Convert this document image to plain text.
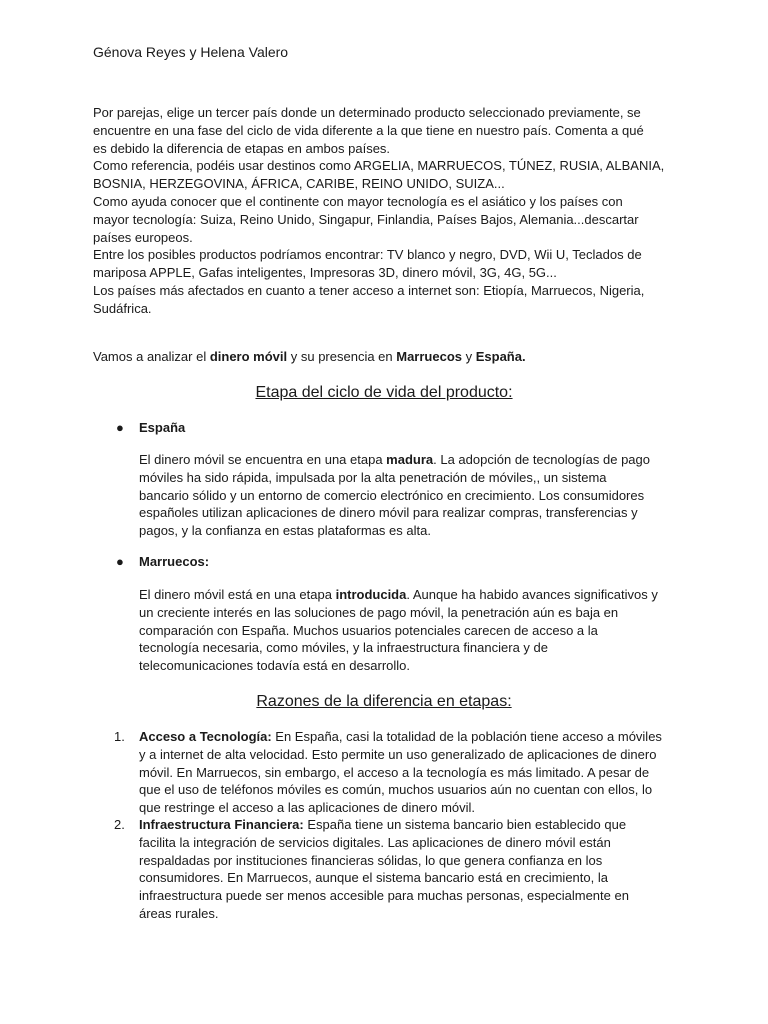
Génova Reyes y Helena Valero

Por parejas, elige un tercer país donde un determinado producto seleccionado previamente, se

encuentre en una fase del ciclo de vida diferente a la que tiene en nuestro país. Comenta a qué

es debido la diferencia de etapas en ambos países.

Como referencia, podéis usar destinos como ARGELIA, MARRUECOS, TÚNEZ, RUSIA, ALBANIA,

BOSNIA, HERZEGOVINA, ÁFRICA, CARIBE, REINO UNIDO, SUIZA...

Como ayuda conocer que el continente con mayor tecnología es el asiático y los países con

mayor tecnología: Suiza, Reino Unido, Singapur, Finlandia, Países Bajos, Alemania...descartar

países europeos.

Entre los posibles productos podríamos encontrar: TV blanco y negro, DVD, Wii U, Teclados de

mariposa APPLE, Gafas inteligentes, Impresoras 3D, dinero móvil, 3G, 4G, 5G...

Los países más afectados en cuanto a tener acceso a internet son: Etiopía, Marruecos, Nigeria,

Sudáfrica.

Vamos a analizar el dinero móvil y su presencia en Marruecos y España.
Etapa del ciclo de vida del producto:
● España

El dinero móvil se encuentra en una etapa madura. La adopción de tecnologías de pago

móviles ha sido rápida, impulsada por la alta penetración de móviles,, un sistema

bancario sólido y un entorno de comercio electrónico en crecimiento. Los consumidores

españoles utilizan aplicaciones de dinero móvil para realizar compras, transferencias y

pagos, y la confianza en estas plataformas es alta.

● Marruecos:

El dinero móvil está en una etapa introducida. Aunque ha habido avances significativos y

un creciente interés en las soluciones de pago móvil, la penetración aún es baja en

comparación con España. Muchos usuarios potenciales carecen de acceso a la

tecnología necesaria, como móviles, y la infraestructura financiera y de

telecomunicaciones todavía está en desarrollo.

Razones de la diferencia en etapas:
1. Acceso a Tecnología: En España, casi la totalidad de la población tiene acceso a móviles

y a internet de alta velocidad. Esto permite un uso generalizado de aplicaciones de dinero

móvil. En Marruecos, sin embargo, el acceso a la tecnología es más limitado. A pesar de

que el uso de teléfonos móviles es común, muchos usuarios aún no cuentan con ellos, lo

que restringe el acceso a las aplicaciones de dinero móvil.

2. Infraestructura Financiera: España tiene un sistema bancario bien establecido que

facilita la integración de servicios digitales. Las aplicaciones de dinero móvil están

respaldadas por instituciones financieras sólidas, lo que genera confianza en los

consumidores. En Marruecos, aunque el sistema bancario está en crecimiento, la

infraestructura puede ser menos accesible para muchas personas, especialmente en

áreas rurales.
